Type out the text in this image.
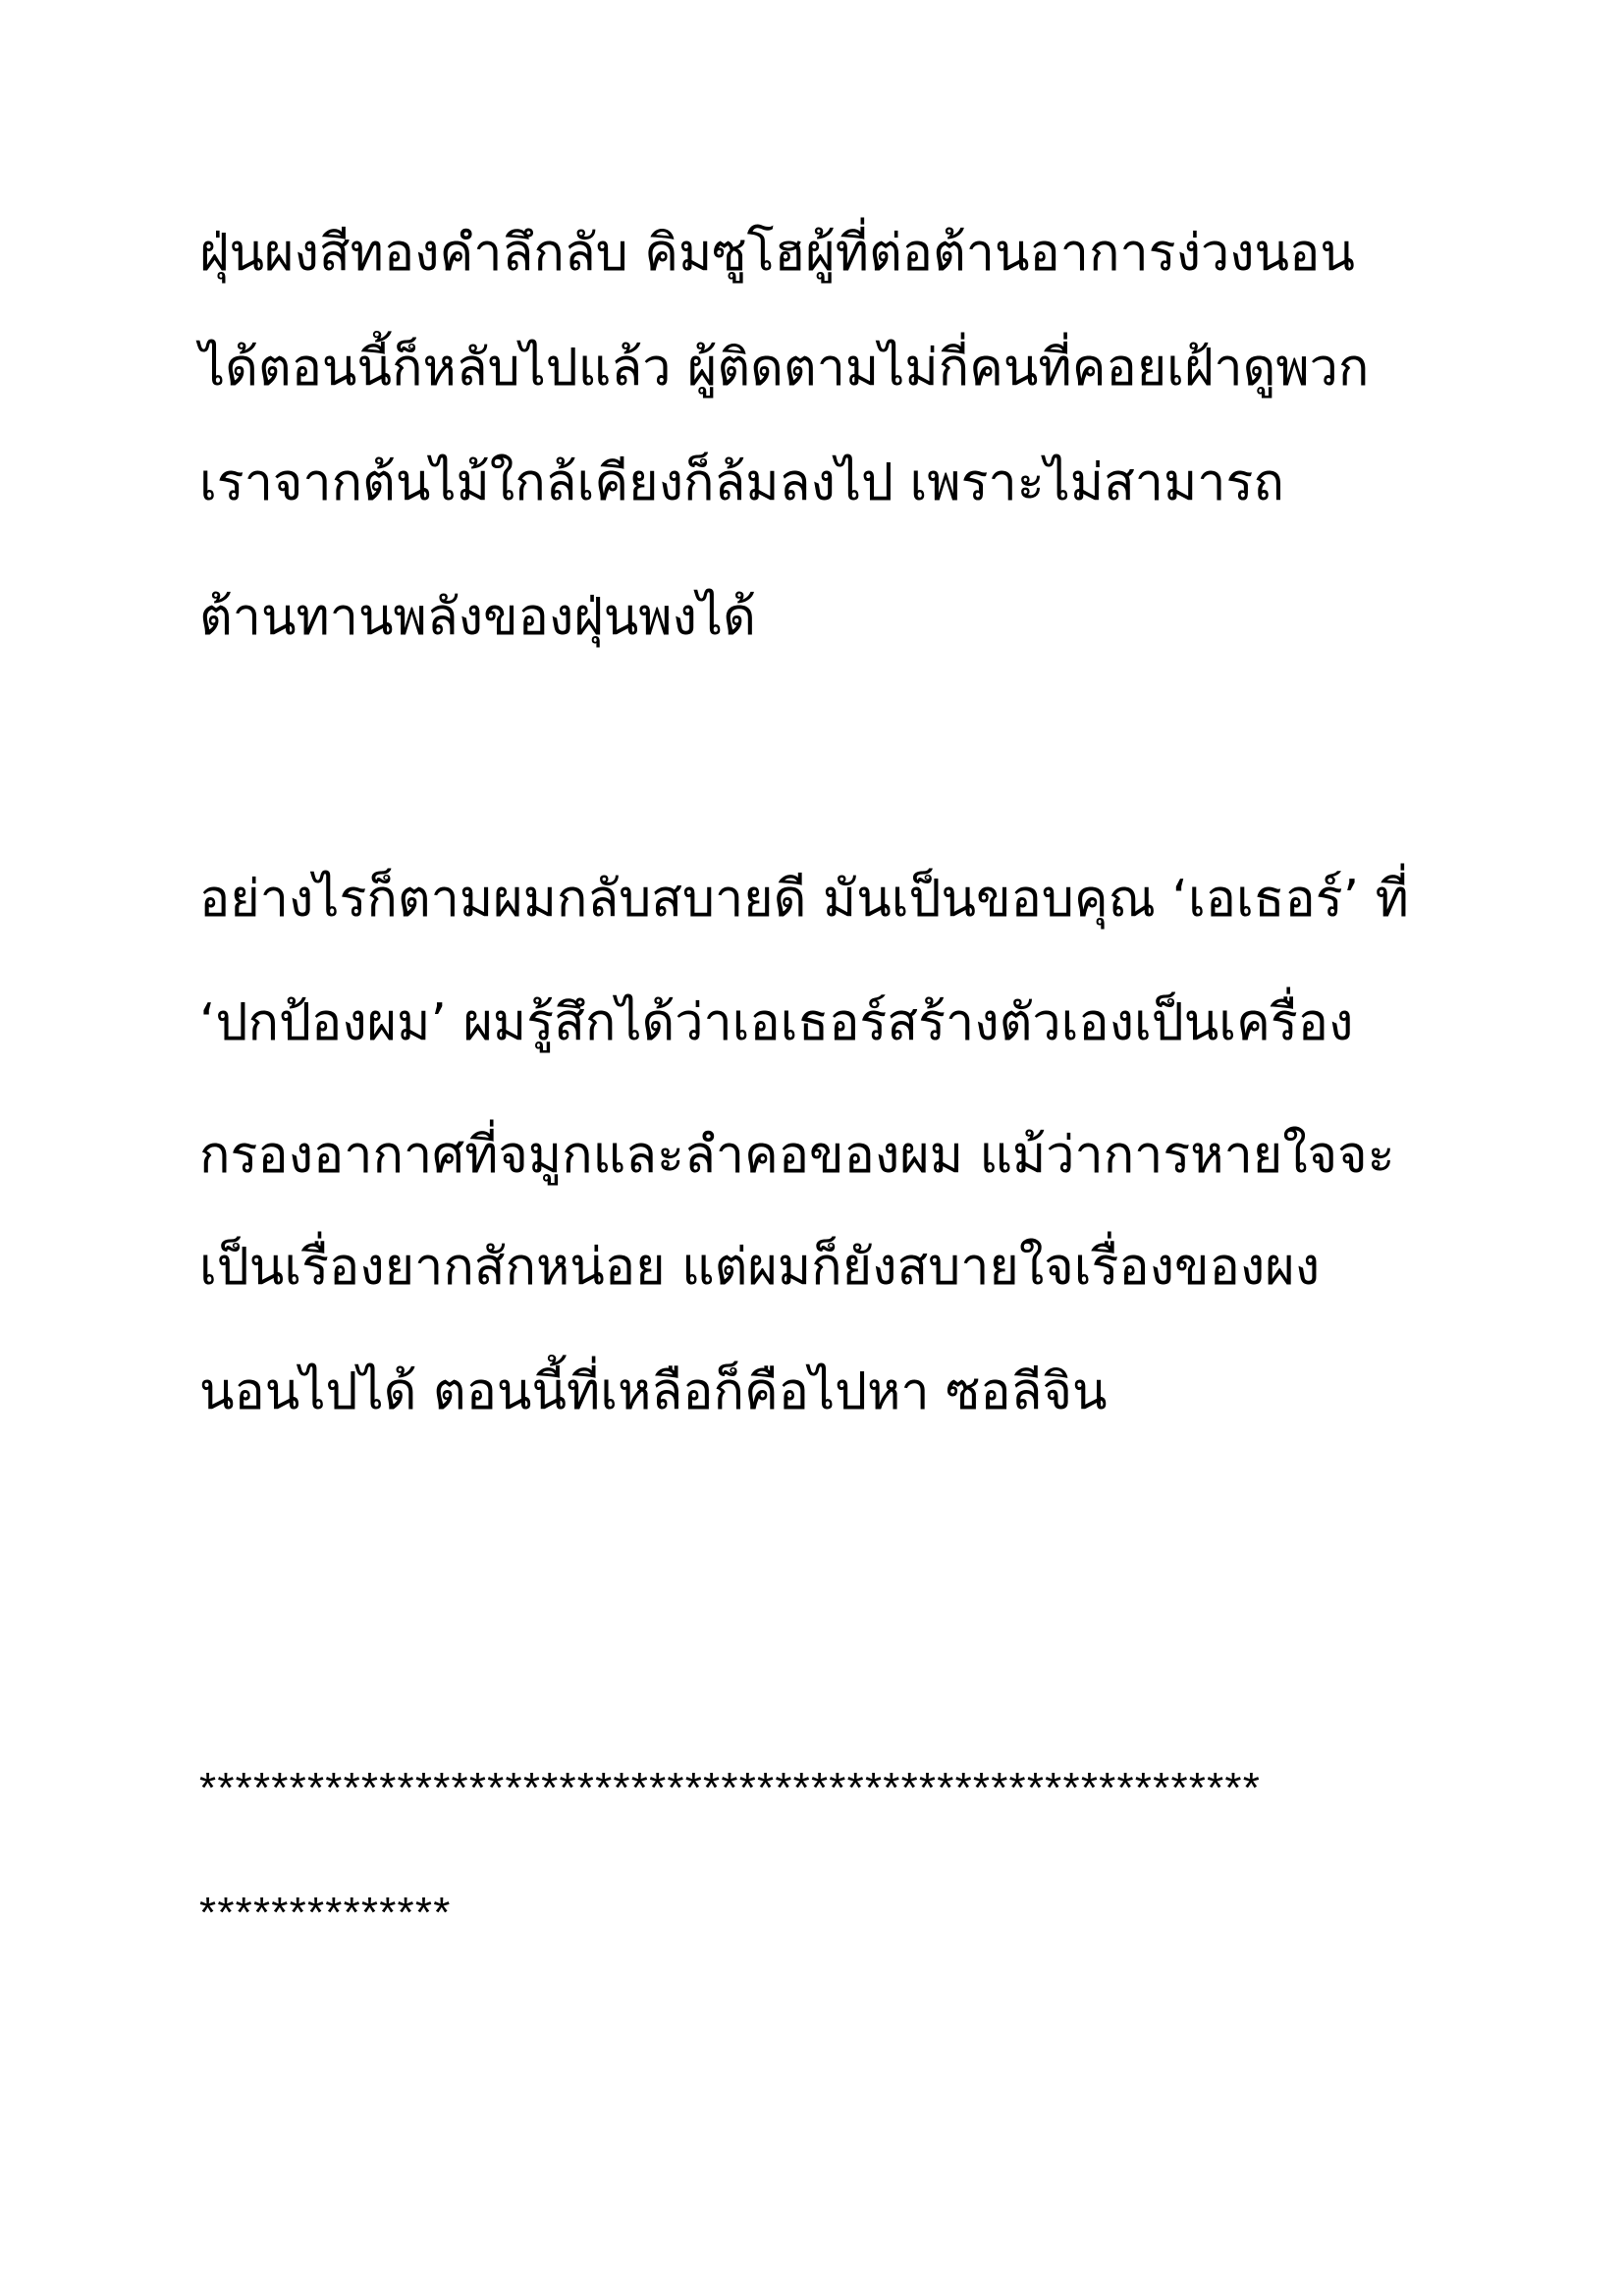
ฝุ่นผงสีทองคำลึกลับ คิมซูโฮผู้ที่ต่อต้านอาการง่วงนอน
ได้ตอนนี้ก็หลับไปแล้ว ผู้ติดตามไม่กี่คนที่คอยเฝ้าดูพวก
เราจากต้นไม้ใกล้เคียงก็ล้มลงไป เพราะไม่สามารถ
ต้านทานพลังของฝุ่นพงได้
อย่างไรก็ตามผมกลับสบายดี มันเป็นขอบคุณ ‘เอเธอร์’ ที่
‘ปกป้องผม’ ผมรู้สึกได้ว่าเอเธอร์สร้างตัวเองเป็นเครื่อง
กรองอากาศที่จมูกและลำคอของผม แม้ว่าการหายใจจะ
เป็นเรื่องยากสักหน่อย แต่ผมก็ยังสบายใจเรื่องของผง
นอนไปได้ ตอนนี้ที่เหลือก็คือไปหา ซอลีจิน
***********************************************************
**************
